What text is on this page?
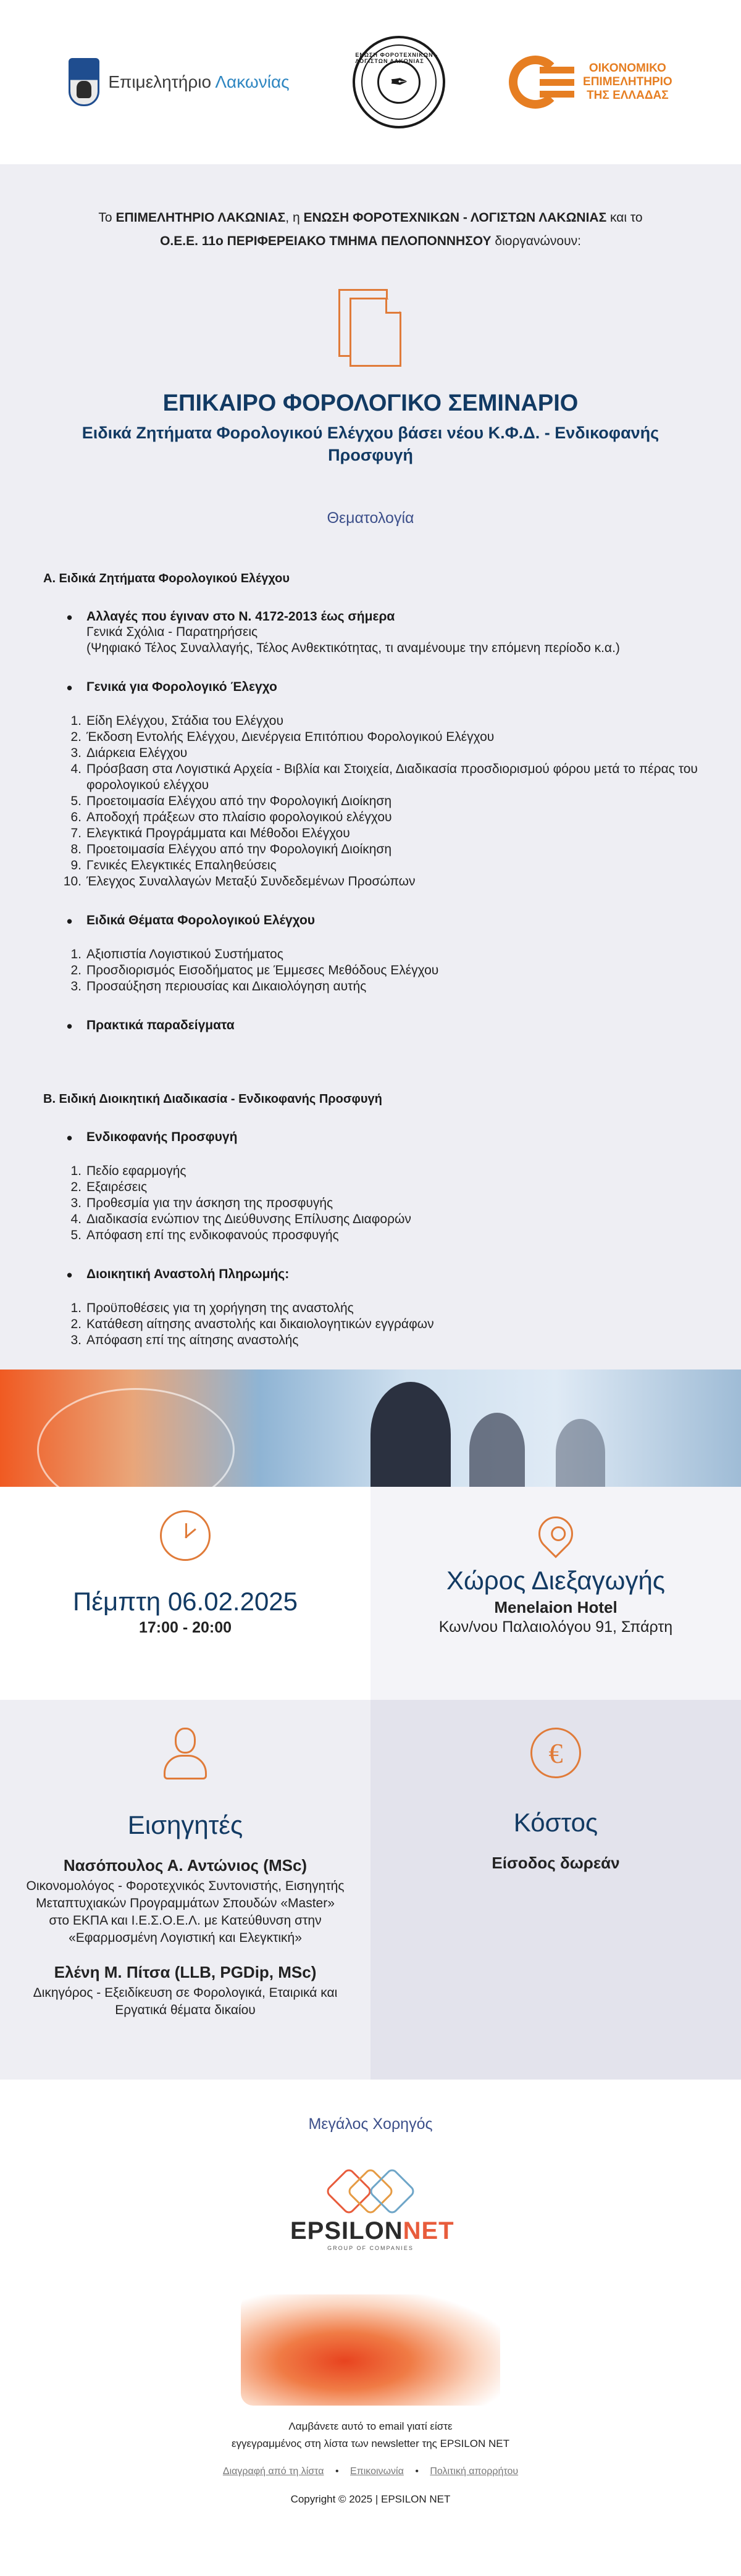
Επιμελητήριο Λακωνίας
ΕΝΩΣΗ ΦΟΡΟΤΕΧΝΙΚΩΝ - ΛΟΓΙΣΤΩΝ ΛΑΚΩΝΙΑΣ
✒
ΟΙΚΟΝΟΜΙΚΟ
ΕΠΙΜΕΛΗΤΗΡΙΟ
ΤΗΣ ΕΛΛΑΔΑΣ

Το ΕΠΙΜΕΛΗΤΗΡΙΟ ΛΑΚΩΝΙΑΣ, η ΕΝΩΣΗ ΦΟΡΟΤΕΧΝΙΚΩΝ - ΛΟΓΙΣΤΩΝ ΛΑΚΩΝΙΑΣ και το
Ο.Ε.Ε. 11ο ΠΕΡΙΦΕΡΕΙΑΚΟ ΤΜΗΜΑ ΠΕΛΟΠΟΝΝΗΣΟΥ διοργανώνουν:

ΕΠΙΚΑΙΡΟ ΦΟΡΟΛΟΓΙΚΟ ΣΕΜΙΝΑΡΙΟ
Ειδικά Ζητήματα Φορολογικού Ελέγχου βάσει νέου Κ.Φ.Δ. - Ενδικοφανής Προσφυγή
Θεματολογία
Α. Ειδικά Ζητήματα Φορολογικού Ελέγχου
• Αλλαγές που έγιναν στο Ν. 4172-2013 έως σήμερα
Γενικά Σχόλια - Παρατηρήσεις
(Ψηφιακό Τέλος Συναλλαγής, Τέλος Ανθεκτικότητας, τι αναμένουμε την επόμενη περίοδο κ.α.)
• Γενικά για Φορολογικό Έλεγχο
1. Είδη Ελέγχου, Στάδια του Ελέγχου
2. Έκδοση Εντολής Ελέγχου, Διενέργεια Επιτόπιου Φορολογικού Ελέγχου
3. Διάρκεια Ελέγχου
4. Πρόσβαση στα Λογιστικά Αρχεία - Βιβλία και Στοιχεία, Διαδικασία προσδιορισμού φόρου μετά το πέρας του φορολογικού ελέγχου
5. Προετοιμασία Ελέγχου από την Φορολογική Διοίκηση
6. Αποδοχή πράξεων στο πλαίσιο φορολογικού ελέγχου
7. Ελεγκτικά Προγράμματα και Μέθοδοι Ελέγχου
8. Προετοιμασία Ελέγχου από την Φορολογική Διοίκηση
9. Γενικές Ελεγκτικές Επαληθεύσεις
10. Έλεγχος Συναλλαγών Μεταξύ Συνδεδεμένων Προσώπων
• Ειδικά Θέματα Φορολογικού Ελέγχου
1. Αξιοπιστία Λογιστικού Συστήματος
2. Προσδιορισμός Εισοδήματος με Έμμεσες Μεθόδους Ελέγχου
3. Προσαύξηση περιουσίας και Δικαιολόγηση αυτής
• Πρακτικά παραδείγματα
Β. Ειδική Διοικητική Διαδικασία - Ενδικοφανής Προσφυγή
• Ενδικοφανής Προσφυγή
1. Πεδίο εφαρμογής
2. Εξαιρέσεις
3. Προθεσμία για την άσκηση της προσφυγής
4. Διαδικασία ενώπιον της Διεύθυνσης Επίλυσης Διαφορών
5. Απόφαση επί της ενδικοφανούς προσφυγής
• Διοικητική Αναστολή Πληρωμής:
1. Προϋποθέσεις για τη χορήγηση της αναστολής
2. Κατάθεση αίτησης αναστολής και δικαιολογητικών εγγράφων
3. Απόφαση επί της αίτησης αναστολής
Πέμπτη 06.02.2025
17:00 - 20:00
Χώρος Διεξαγωγής
Menelaion Hotel
Κων/νου Παλαιολόγου 91, Σπάρτη
Εισηγητές
Νασόπουλος Α. Αντώνιος (MSc)
Οικονομολόγος - Φοροτεχνικός Συντονιστής, Εισηγητής Μεταπτυχιακών Προγραμμάτων Σπουδών «Master» στο ΕΚΠΑ και Ι.Ε.Σ.Ο.Ε.Λ. με Κατεύθυνση στην «Εφαρμοσμένη Λογιστική και Ελεγκτική»
Ελένη Μ. Πίτσα (LLB, PGDip, MSc)
Δικηγόρος - Εξειδίκευση σε Φορολογικά, Εταιρικά και Εργατικά θέματα δικαίου
€
Κόστος
Είσοδος δωρεάν
Μεγάλος Χορηγός
EPSILONNET
GROUP OF COMPANIES
Λαμβάνετε αυτό το email γιατί είστε
εγγεγραμμένος στη λίστα των newsletter της EPSILON NET
Διαγραφή από τη λίστα • Επικοινωνία • Πολιτική απορρήτου
Copyright © 2025 | EPSILON NET
